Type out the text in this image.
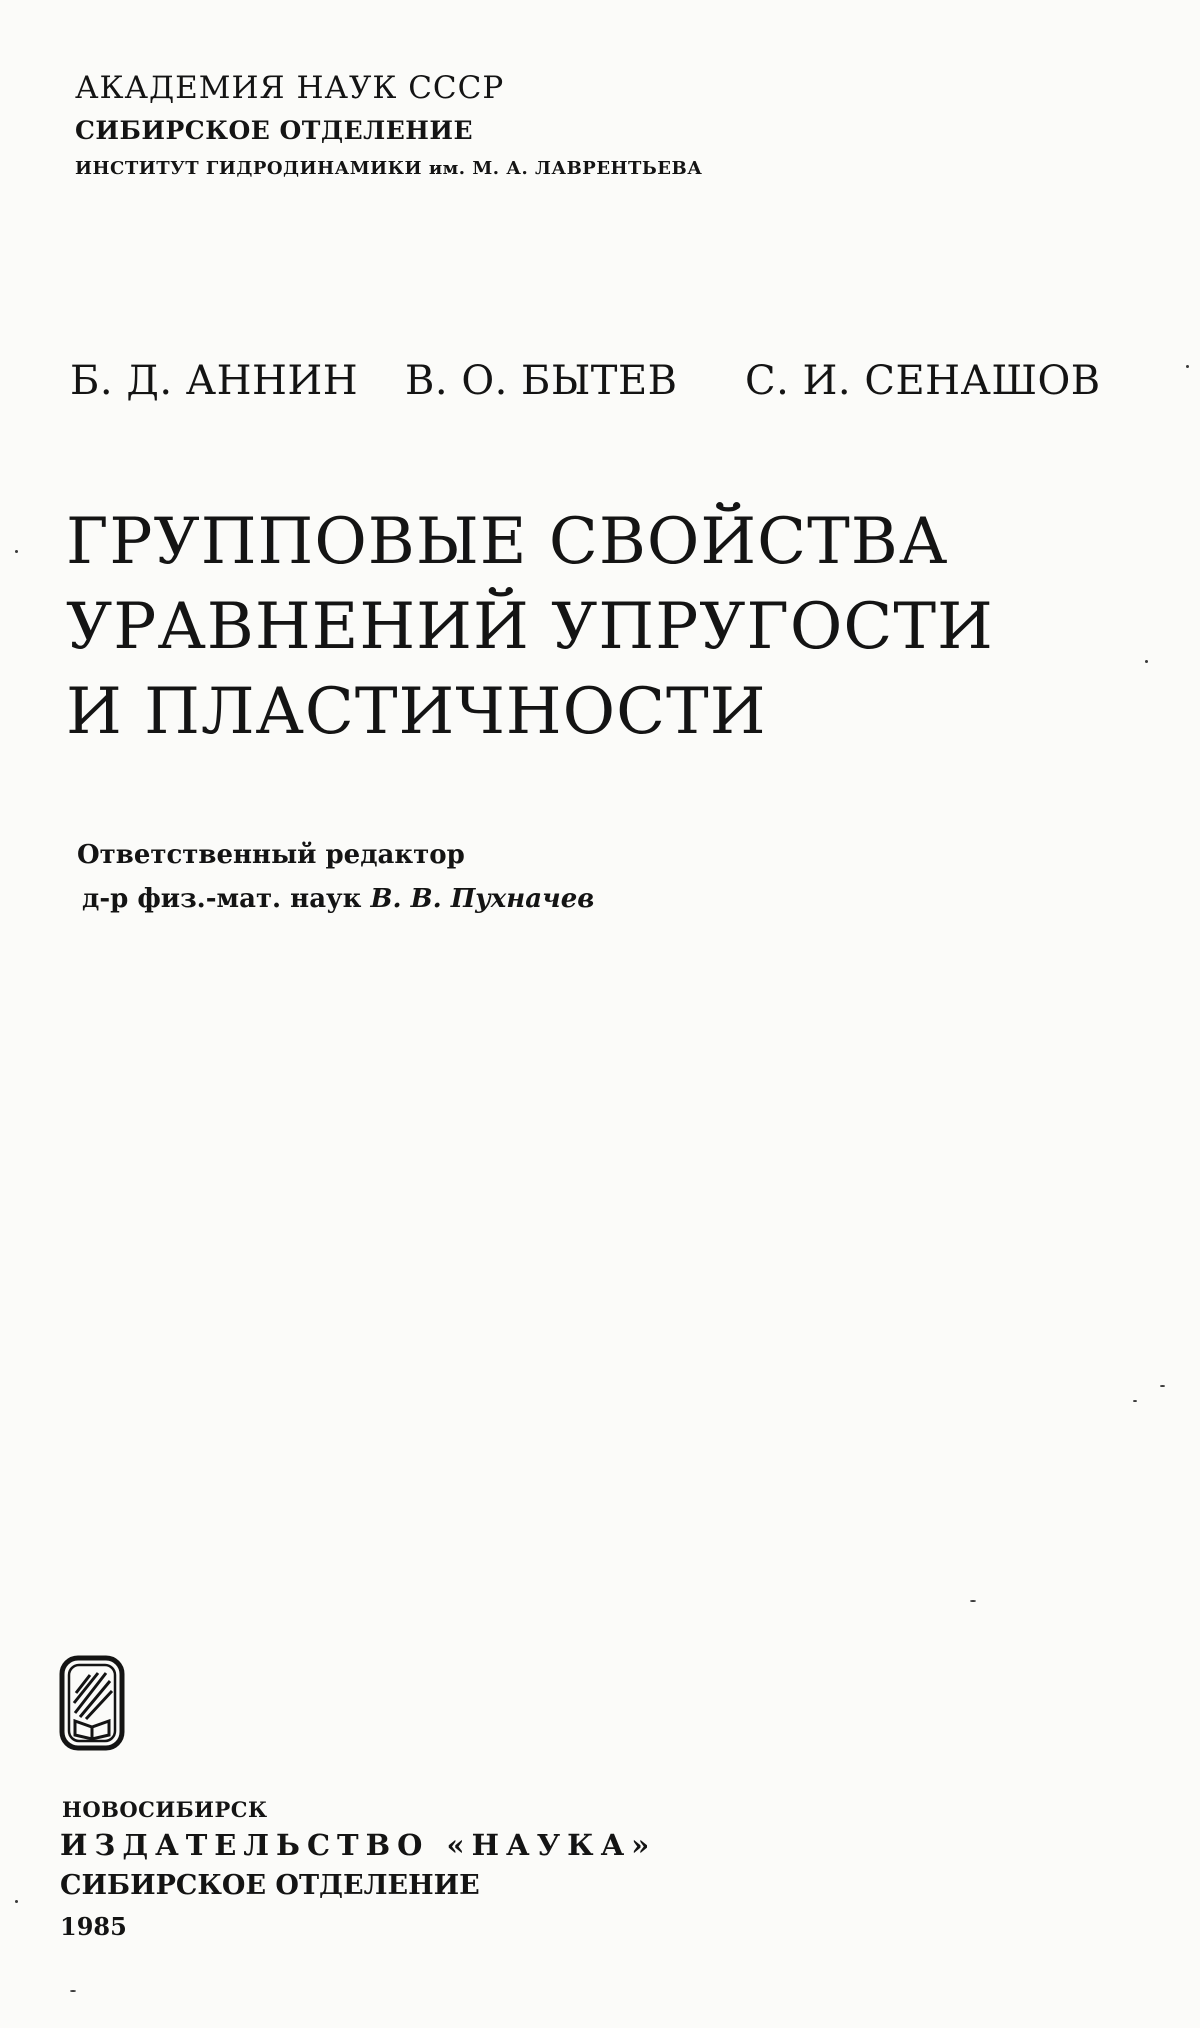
АКАДЕМИЯ НАУК СССР
СИБИРСКОЕ ОТДЕЛЕНИЕ
ИНСТИТУТ ГИДРОДИНАМИКИ им. М. А. ЛАВРЕНТЬЕВА
Б. Д. АННИН В. О. БЫТЕВ С. И. СЕНАШОВ
ГРУППОВЫЕ СВОЙСТВА
УРАВНЕНИЙ УПРУГОСТИ
И ПЛАСТИЧНОСТИ
Ответственный редактор
д-р физ.-мат. наук В. В. Пухначев
НОВОСИБИРСК
ИЗДАТЕЛЬСТВО «НАУКА»
СИБИРСКОЕ ОТДЕЛЕНИЕ
1985
